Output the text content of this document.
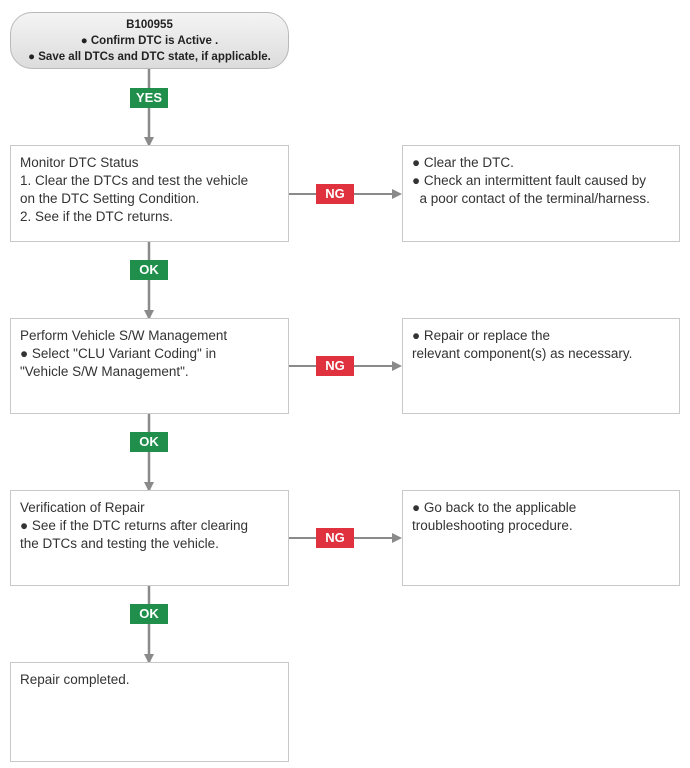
B100955
● Confirm DTC is Active .
● Save all DTCs and DTC state, if applicable.
YES
Monitor DTC Status
1. Clear the DTCs and test the vehicle
on the DTC Setting Condition.
2. See if the DTC returns.
NG
● Clear the DTC.
● Check an intermittent fault caused by
a poor contact of the terminal/harness.
OK
Perform Vehicle S/W Management
● Select "CLU Variant Coding" in
"Vehicle S/W Management".	NG
● Repair or replace the
relevant component(s) as necessary.
OK
Verification of Repair
● See if the DTC returns after clearing
the DTCs and testing the vehicle.	NG
● Go back to the applicable
troubleshooting procedure.
OK
Repair completed.
